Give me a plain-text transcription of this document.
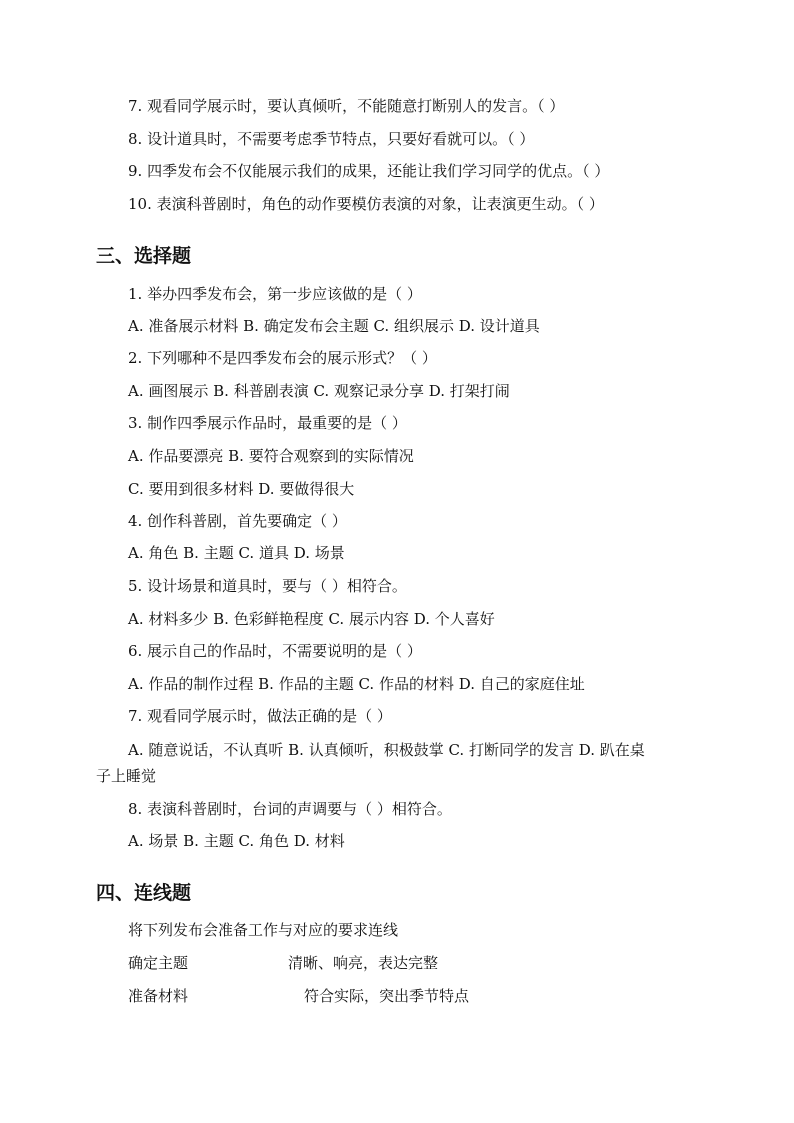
7. 观看同学展示时，要认真倾听，不能随意打断别人的发言。（ ）
8. 设计道具时，不需要考虑季节特点，只要好看就可以。（ ）
9. 四季发布会不仅能展示我们的成果，还能让我们学习同学的优点。（ ）
10. 表演科普剧时，角色的动作要模仿表演的对象，让表演更生动。（ ）
三、选择题
1. 举办四季发布会，第一步应该做的是（ ）
A. 准备展示材料 B. 确定发布会主题 C. 组织展示 D. 设计道具
2. 下列哪种不是四季发布会的展示形式？（ ）
A. 画图展示 B. 科普剧表演 C. 观察记录分享 D. 打架打闹
3. 制作四季展示作品时，最重要的是（ ）
A. 作品要漂亮 B. 要符合观察到的实际情况
C. 要用到很多材料 D. 要做得很大
4. 创作科普剧，首先要确定（ ）
A. 角色 B. 主题 C. 道具 D. 场景
5. 设计场景和道具时，要与（ ）相符合。
A. 材料多少 B. 色彩鲜艳程度 C. 展示内容 D. 个人喜好
6. 展示自己的作品时，不需要说明的是（ ）
A. 作品的制作过程 B. 作品的主题 C. 作品的材料 D. 自己的家庭住址
7. 观看同学展示时，做法正确的是（ ）
A. 随意说话，不认真听 B. 认真倾听，积极鼓掌 C. 打断同学的发言 D. 趴在桌
子上睡觉
8. 表演科普剧时，台词的声调要与（ ）相符合。
A. 场景 B. 主题 C. 角色 D. 材料
四、连线题
将下列发布会准备工作与对应的要求连线
确定主题	清晰、响亮，表达完整
准备材料	符合实际，突出季节特点
